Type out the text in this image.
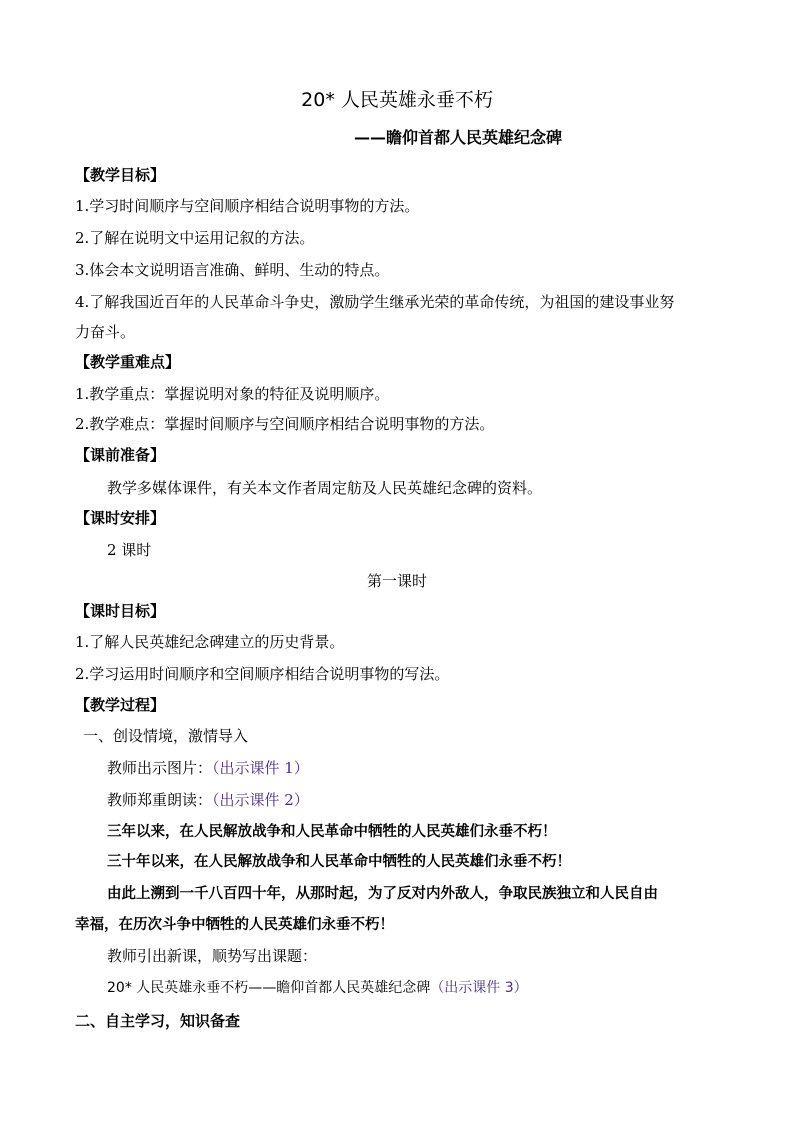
20* 人民英雄永垂不朽
——瞻仰首都人民英雄纪念碑
【教学目标】
1.学习时间顺序与空间顺序相结合说明事物的方法。
2.了解在说明文中运用记叙的方法。
3.体会本文说明语言准确、鲜明、生动的特点。
4.了解我国近百年的人民革命斗争史，激励学生继承光荣的革命传统，为祖国的建设事业努
力奋斗。
【教学重难点】
1.教学重点：掌握说明对象的特征及说明顺序。
2.教学难点：掌握时间顺序与空间顺序相结合说明事物的方法。
【课前准备】
教学多媒体课件，有关本文作者周定舫及人民英雄纪念碑的资料。
【课时安排】
2 课时
第一课时
【课时目标】
1.了解人民英雄纪念碑建立的历史背景。
2.学习运用时间顺序和空间顺序相结合说明事物的写法。
【教学过程】
一、创设情境，激情导入
教师出示图片：（出示课件 1）
教师郑重朗读：（出示课件 2）
三年以来，在人民解放战争和人民革命中牺牲的人民英雄们永垂不朽！
三十年以来，在人民解放战争和人民革命中牺牲的人民英雄们永垂不朽！
由此上溯到一千八百四十年，从那时起，为了反对内外敌人，争取民族独立和人民自由
幸福，在历次斗争中牺牲的人民英雄们永垂不朽！
教师引出新课，顺势写出课题：
20* 人民英雄永垂不朽——瞻仰首都人民英雄纪念碑（出示课件 3）
二、自主学习，知识备查
